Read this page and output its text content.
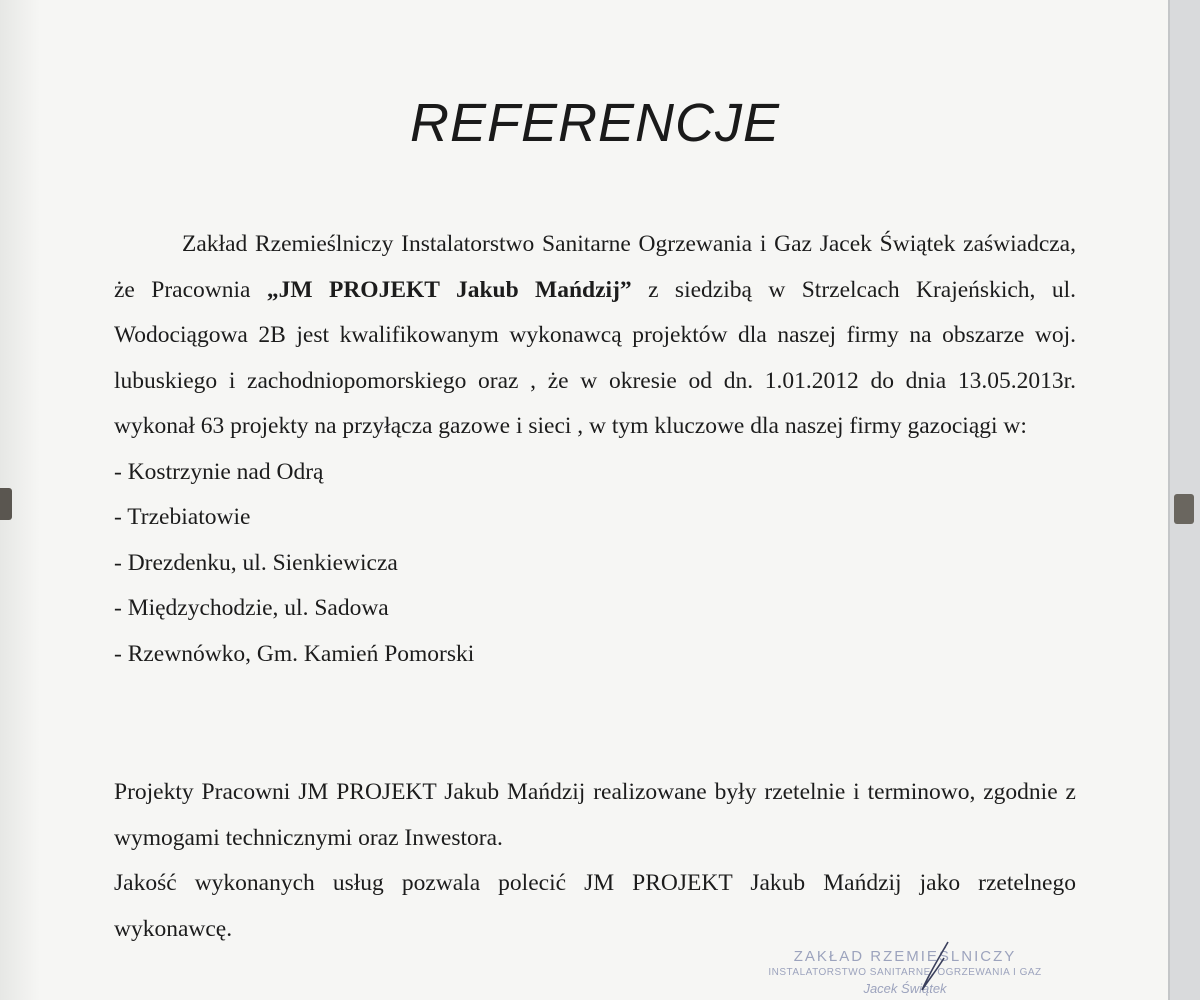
REFERENCJE

Zakład Rzemieślniczy Instalatorstwo Sanitarne Ogrzewania i Gaz Jacek Świątek zaświadcza, że Pracownia „JM PROJEKT Jakub Mańdzij” z siedzibą w Strzelcach Krajeńskich, ul. Wodociągowa 2B jest kwalifikowanym wykonawcą projektów dla naszej firmy na obszarze woj. lubuskiego i zachodniopomorskiego oraz , że w okresie od dn. 1.01.2012 do dnia 13.05.2013r. wykonał 63 projekty na przyłącza gazowe i sieci , w tym kluczowe dla naszej firmy gazociągi w:

- Kostrzynie nad Odrą

- Trzebiatowie

- Drezdenku, ul. Sienkiewicza

- Międzychodzie, ul. Sadowa

- Rzewnówko, Gm. Kamień Pomorski

Projekty Pracowni JM PROJEKT Jakub Mańdzij realizowane były rzetelnie i terminowo, zgodnie z wymogami technicznymi oraz Inwestora.

Jakość wykonanych usług pozwala polecić JM PROJEKT Jakub Mańdzij jako rzetelnego wykonawcę.

ZAKŁAD RZEMIEŚLNICZY
INSTALATORSTWO SANITARNE, OGRZEWANIA I GAZ
Jacek Świątek
